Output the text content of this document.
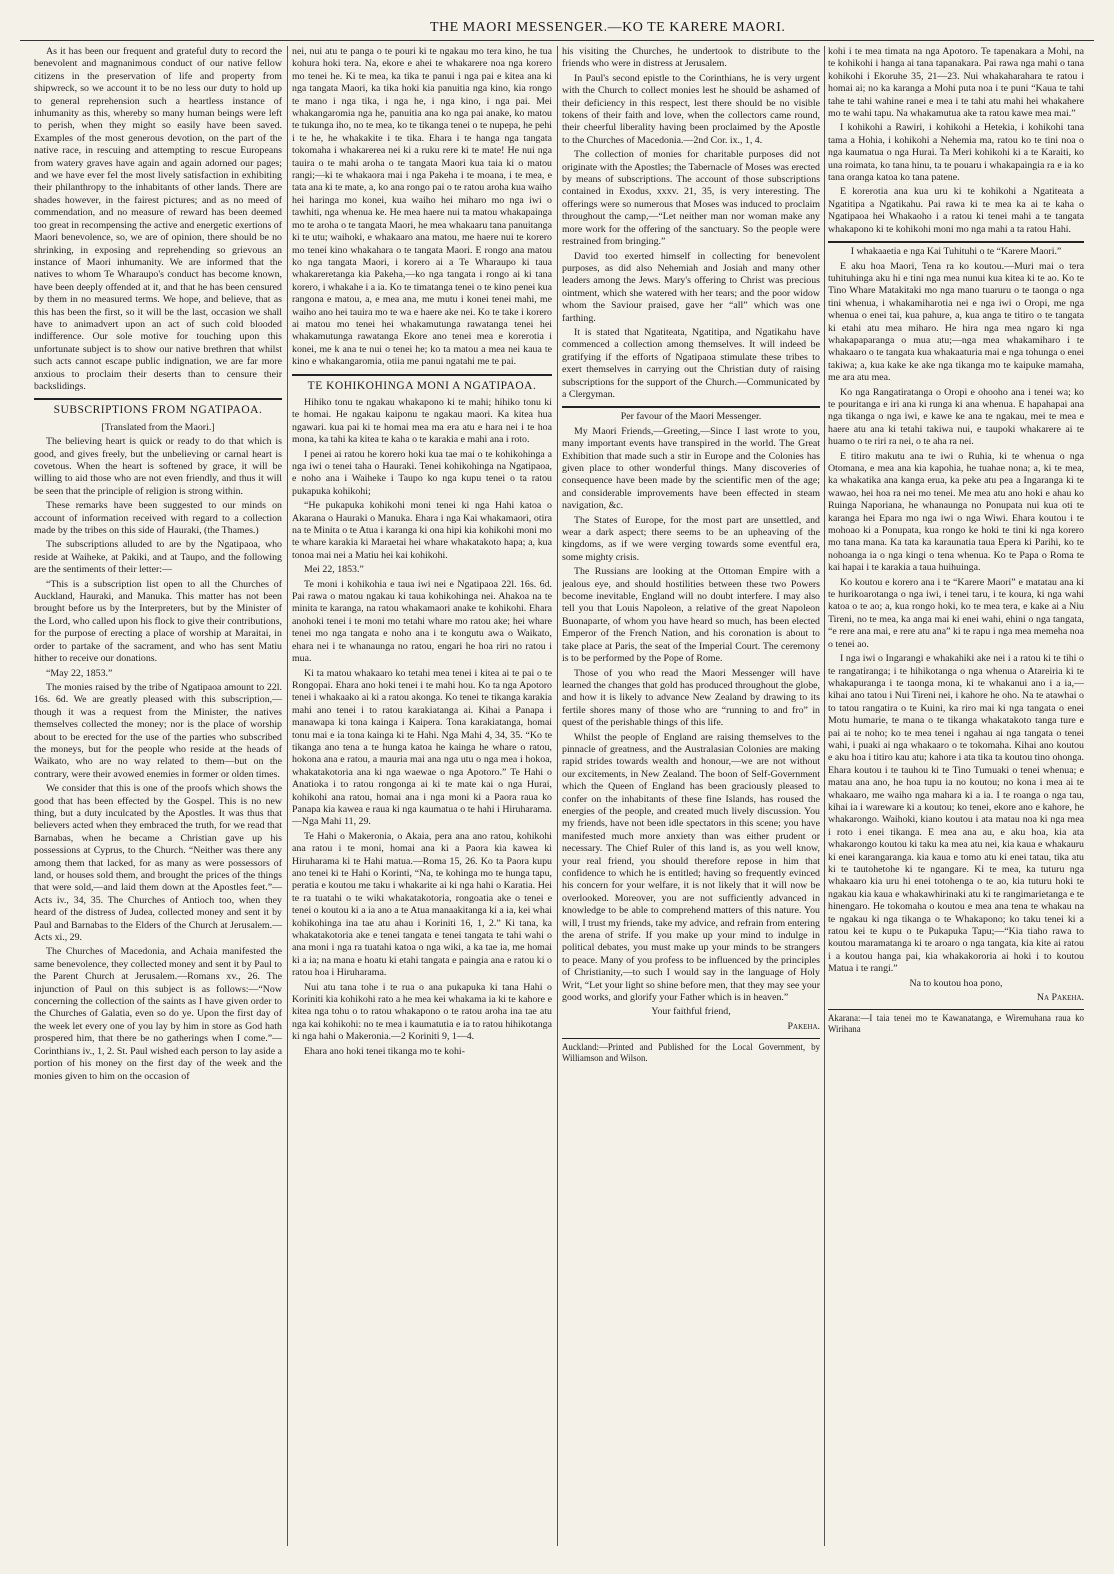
THE MAORI MESSENGER.—KO TE KARERE MAORI.

As it has been our frequent and grateful duty to record the benevolent and magnanimous conduct of our native fellow citizens in the preservation of life and property from shipwreck, so we account it to be no less our duty to hold up to general reprehension such a heartless instance of inhumanity as this, whereby so many human beings were left to perish, when they might so easily have been saved. Examples of the most generous devotion, on the part of the native race, in rescuing and attempting to rescue Europeans from watery graves have again and again adorned our pages; and we have ever fel the most lively satisfaction in exhibiting their philanthropy to the inhabitants of other lands. There are shades however, in the fairest pictures; and as no meed of commendation, and no measure of reward has been deemed too great in recompensing the active and energetic exertions of Maori benevolence, so, we are of opinion, there should be no shrinking, in exposing and reprehending so grievous an instance of Maori inhumanity. We are informed that the natives to whom Te Wharaupo's conduct has become known, have been deeply offended at it, and that he has been censured by them in no measured terms. We hope, and believe, that as this has been the first, so it will be the last, occasion we shall have to animadvert upon an act of such cold blooded indifference. Our sole motive for touching upon this unfortunate subject is to show our native brethren that whilst such acts cannot escape public indignation, we are far more anxious to proclaim their deserts than to censure their backslidings.

SUBSCRIPTIONS FROM NGATIPAOA.

[Translated from the Maori.]

The believing heart is quick or ready to do that which is good, and gives freely, but the unbelieving or carnal heart is covetous. When the heart is softened by grace, it will be willing to aid those who are not even friendly, and thus it will be seen that the principle of religion is strong within.

These remarks have been suggested to our minds on account of information received with regard to a collection made by the tribes on this side of Hauraki, (the Thames.)

The subscriptions alluded to are by the Ngatipaoa, who reside at Waiheke, at Pakiki, and at Taupo, and the following are the sentiments of their letter:—

“This is a subscription list open to all the Churches of Auckland, Hauraki, and Manuka. This matter has not been brought before us by the Interpreters, but by the Minister of the Lord, who called upon his flock to give their contributions, for the purpose of erecting a place of worship at Maraitai, in order to partake of the sacrament, and who has sent Matiu hither to receive our donations.

“May 22, 1853.”

The monies raised by the tribe of Ngatipaoa amount to 22l. 16s. 6d. We are greatly pleased with this subscription,—though it was a request from the Minister, the natives themselves collected the money; nor is the place of worship about to be erected for the use of the parties who subscribed the moneys, but for the people who reside at the heads of Waikato, who are no way related to them—but on the contrary, were their avowed enemies in former or olden times.

We consider that this is one of the proofs which shows the good that has been effected by the Gospel. This is no new thing, but a duty inculcated by the Apostles. It was thus that believers acted when they embraced the truth, for we read that Barnabas, when he became a Christian gave up his possessions at Cyprus, to the Church. “Neither was there any among them that lacked, for as many as were possessors of land, or houses sold them, and brought the prices of the things that were sold,—and laid them down at the Apostles feet.”—Acts iv., 34, 35. The Churches of Antioch too, when they heard of the distress of Judea, collected money and sent it by Paul and Barnabas to the Elders of the Church at Jerusalem.—Acts xi., 29.

The Churches of Macedonia, and Achaia manifested the same benevolence, they collected money and sent it by Paul to the Parent Church at Jerusalem.—Romans xv., 26. The injunction of Paul on this subject is as follows:—“Now concerning the collection of the saints as I have given order to the Churches of Galatia, even so do ye. Upon the first day of the week let every one of you lay by him in store as God hath prospered him, that there be no gatherings when I come.”—Corinthians iv., 1, 2. St. Paul wished each person to lay aside a portion of his money on the first day of the week and the monies given to him on the occasion of

nei, nui atu te panga o te pouri ki te ngakau mo tera kino, he tua kohura hoki tera. Na, ekore e ahei te whakarere noa nga korero mo tenei he. Ki te mea, ka tika te panui i nga pai e kitea ana ki nga tangata Maori, ka tika hoki kia panuitia nga kino, kia rongo te mano i nga tika, i nga he, i nga kino, i nga pai. Mei whakangaromia nga he, panuitia ana ko nga pai anake, ko matou te tukunga iho, no te mea, ko te tikanga tenei o te nupepa, he pehi i te he, he whakakite i te tika. Ehara i te hanga nga tangata tokomaha i whakarerea nei ki a ruku rere ki te mate! He nui nga tauira o te mahi aroha o te tangata Maori kua taia ki o matou rangi;—ki te whakaora mai i nga Pakeha i te moana, i te mea, e tata ana ki te mate, a, ko ana rongo pai o te ratou aroha kua waiho hei haringa mo konei, kua waiho hei miharo mo nga iwi o tawhiti, nga whenua ke. He mea haere nui ta matou whakapainga mo te aroha o te tangata Maori, he mea whakaaru tana panuitanga ki te utu; waihoki, e whakaaro ana matou, me haere nui te korero mo tenei kino whakahara o te tangata Maori. E rongo ana matou ko nga tangata Maori, i korero ai a Te Wharaupo ki taua whakareretanga kia Pakeha,—ko nga tangata i rongo ai ki tana korero, i whakahe i a ia. Ko te timatanga tenei o te kino penei kua rangona e matou, a, e mea ana, me mutu i konei tenei mahi, me waiho ano hei tauira mo te wa e haere ake nei. Ko te take i korero ai matou mo tenei hei whakamutunga rawatanga tenei hei whakamutunga rawatanga Ekore ano tenei mea e korerotia i konei, me k ana te nui o tenei he; ko ta matou a mea nei kaua te kino e whakangaromia, otiia me panui ngatahi me te pai.

TE KOHIKOHINGA MONI A NGATIPAOA.

Hihiko tonu te ngakau whakapono ki te mahi; hihiko tonu ki te homai. He ngakau kaiponu te ngakau maori. Ka kitea hua ngawari. kua pai ki te homai mea ma era atu e hara nei i te hoa mona, ka tahi ka kitea te kaha o te karakia e mahi ana i roto.

I penei ai ratou he korero hoki kua tae mai o te kohikohinga a nga iwi o tenei taha o Hauraki. Tenei kohikohinga na Ngatipaoa, e noho ana i Waiheke i Taupo ko nga kupu tenei o ta ratou pukapuka kohikohi;

“He pukapuka kohikohi moni tenei ki nga Hahi katoa o Akarana o Hauraki o Manuka. Ehara i nga Kai whakamaori, otira na te Minita o te Atua i karanga ki ona hipi kia kohikohi moni mo te whare karakia ki Maraetai hei whare whakatakoto hapa; a, kua tonoa mai nei a Matiu hei kai kohikohi.

Mei 22, 1853.”

Te moni i kohikohia e taua iwi nei e Ngatipaoa 22l. 16s. 6d. Pai rawa o matou ngakau ki taua kohikohinga nei. Ahakoa na te minita te karanga, na ratou whakamaori anake te kohikohi. Ehara anohoki tenei i te moni mo tetahi whare mo ratou ake; hei whare tenei mo nga tangata e noho ana i te kongutu awa o Waikato, ehara nei i te whanaunga no ratou, engari he hoa riri no ratou i mua.

Ki ta matou whakaaro ko tetahi mea tenei i kitea ai te pai o te Rongopai. Ehara ano hoki tenei i te mahi hou. Ko ta nga Apotoro tenei i whakaako ai ki a ratou akonga. Ko tenei te tikanga karakia mahi ano tenei i to ratou karakiatanga ai. Kihai a Panapa i manawapa ki tona kainga i Kaipera. Tona karakiatanga, homai tonu mai e ia tona kainga ki te Hahi. Nga Mahi 4, 34, 35. “Ko te tikanga ano tena a te hunga katoa he kainga he whare o ratou, hokona ana e ratou, a mauria mai ana nga utu o nga mea i hokoa, whakatakotoria ana ki nga waewae o nga Apotoro.” Te Hahi o Anatioka i to ratou rongonga ai ki te mate kai o nga Hurai, kohikohi ana ratou, homai ana i nga moni ki a Paora raua ko Panapa kia kawea e raua ki nga kaumatua o te hahi i Hiruharama.—Nga Mahi 11, 29.

Te Hahi o Makeronia, o Akaia, pera ana ano ratou, kohikohi ana ratou i te moni, homai ana ki a Paora kia kawea ki Hiruharama ki te Hahi matua.—Roma 15, 26. Ko ta Paora kupu ano tenei ki te Hahi o Korinti, “Na, te kohinga mo te hunga tapu, peratia e koutou me taku i whakarite ai ki nga hahi o Karatia. Hei te ra tuatahi o te wiki whakatakotoria, rongoatia ake o tenei e tenei o koutou ki a ia ano a te Atua manaakitanga ki a ia, kei whai kohikohinga ina tae atu ahau i Koriniti 16, 1, 2.” Ki tana, ka whakatakotoria ake e tenei tangata e tenei tangata te tahi wahi o ana moni i nga ra tuatahi katoa o nga wiki, a ka tae ia, me homai ki a ia; na mana e hoatu ki etahi tangata e paingia ana e ratou ki o ratou hoa i Hiruharama.

Nui atu tana tohe i te rua o ana pukapuka ki tana Hahi o Koriniti kia kohikohi rato a he mea kei whakama ia ki te kahore e kitea nga tohu o to ratou whakapono o te ratou aroha ina tae atu nga kai kohikohi: no te mea i kaumatutia e ia to ratou hihikotanga ki nga hahi o Makeronia.—2 Koriniti 9, 1—4.

Ehara ano hoki tenei tikanga mo te kohi-

his visiting the Churches, he undertook to distribute to the friends who were in distress at Jerusalem.

In Paul's second epistle to the Corinthians, he is very urgent with the Church to collect monies lest he should be ashamed of their deficiency in this respect, lest there should be no visible tokens of their faith and love, when the collectors came round, their cheerful liberality having been proclaimed by the Apostle to the Churches of Macedonia.—2nd Cor. ix., 1, 4.

The collection of monies for charitable purposes did not originate with the Apostles; the Tabernacle of Moses was erected by means of subscriptions. The account of those subscriptions contained in Exodus, xxxv. 21, 35, is very interesting. The offerings were so numerous that Moses was induced to proclaim throughout the camp,—“Let neither man nor woman make any more work for the offering of the sanctuary. So the people were restrained from bringing.”

David too exerted himself in collecting for benevolent purposes, as did also Nehemiah and Josiah and many other leaders among the Jews. Mary's offering to Christ was precious ointment, which she watered with her tears; and the poor widow whom the Saviour praised, gave her “all” which was one farthing.

It is stated that Ngatiteata, Ngatitipa, and Ngatikahu have commenced a collection among themselves. It will indeed be gratifying if the efforts of Ngatipaoa stimulate these tribes to exert themselves in carrying out the Christian duty of raising subscriptions for the support of the Church.—Communicated by a Clergyman.

Per favour of the Maori Messenger.

My Maori Friends,—Greeting,—Since I last wrote to you, many important events have transpired in the world. The Great Exhibition that made such a stir in Europe and the Colonies has given place to other wonderful things. Many discoveries of consequence have been made by the scientific men of the age; and considerable improvements have been effected in steam navigation, &c.

The States of Europe, for the most part are unsettled, and wear a dark aspect; there seems to be an upheaving of the kingdoms, as if we were verging towards some eventful era, some mighty crisis.

The Russians are looking at the Ottoman Empire with a jealous eye, and should hostilities between these two Powers become inevitable, England will no doubt interfere. I may also tell you that Louis Napoleon, a relative of the great Napoleon Buonaparte, of whom you have heard so much, has been elected Emperor of the French Nation, and his coronation is about to take place at Paris, the seat of the Imperial Court. The ceremony is to be performed by the Pope of Rome.

Those of you who read the Maori Messenger will have learned the changes that gold has produced throughout the globe, and how it is likely to advance New Zealand by drawing to its fertile shores many of those who are “running to and fro” in quest of the perishable things of this life.

Whilst the people of England are raising themselves to the pinnacle of greatness, and the Australasian Colonies are making rapid strides towards wealth and honour,—we are not without our excitements, in New Zealand. The boon of Self-Government which the Queen of England has been graciously pleased to confer on the inhabitants of these fine Islands, has roused the energies of the people, and created much lively discussion. You my friends, have not been idle spectators in this scene; you have manifested much more anxiety than was either prudent or necessary. The Chief Ruler of this land is, as you well know, your real friend, you should therefore repose in him that confidence to which he is entitled; having so frequently evinced his concern for your welfare, it is not likely that it will now be overlooked. Moreover, you are not sufficiently advanced in knowledge to be able to comprehend matters of this nature. You will, I trust my friends, take my advice, and refrain from entering the arena of strife. If you make up your mind to indulge in political debates, you must make up your minds to be strangers to peace. Many of you profess to be influenced by the principles of Christianity,—to such I would say in the language of Holy Writ, “Let your light so shine before men, that they may see your good works, and glorify your Father which is in heaven.”

Your faithful friend,

Pakeha.

Auckland:—Printed and Published for the Local Government, by Williamson and Wilson.

kohi i te mea timata na nga Apotoro. Te tapenakara a Mohi, na te kohikohi i hanga ai tana tapanakara. Pai rawa nga mahi o tana kohikohi i Ekoruhe 35, 21—23. Nui whakaharahara te ratou i homai ai; no ka karanga a Mohi puta noa i te puni “Kaua te tahi tahe te tahi wahine ranei e mea i te tahi atu mahi hei whakahere mo te wahi tapu. Na whakamutua ake ta ratou kawe mea mai.”

I kohikohi a Rawiri, i kohikohi a Hetekia, i kohikohi tana tama a Hohia, i kohikohi a Nehemia ma, ratou ko te tini noa o nga kaumatua o nga Hurai. Ta Meri kohikohi ki a te Karaiti, ko una roimata, ko tana hinu, ta te pouaru i whakapaingia ra e ia ko tana oranga katoa ko tana patene.

E korerotia ana kua uru ki te kohikohi a Ngatiteata a Ngatitipa a Ngatikahu. Pai rawa ki te mea ka ai te kaha o Ngatipaoa hei Whakaoho i a ratou ki tenei mahi a te tangata whakapono ki te kohikohi moni mo nga mahi a ta ratou Hahi.

I whakaaetia e nga Kai Tuhituhi o te “Karere Maori.”

E aku hoa Maori, Tena ra ko koutou.—Muri mai o tera tuhituhinga aku hi e tini nga mea nunui kua kitea ki te ao. Ko te Tino Whare Matakitaki mo nga mano tuaruru o te taonga o nga tini whenua, i whakamiharotia nei e nga iwi o Oropi, me nga whenua o enei tai, kua pahure, a, kua anga te titiro o te tangata ki etahi atu mea miharo. He hira nga mea ngaro ki nga whakapaparanga o mua atu;—nga mea whakamiharo i te whakaaro o te tangata kua whakaaturia mai e nga tohunga o enei takiwa; a, kua kake ke ake nga tikanga mo te kaipuke mamaha, me ara atu mea.

Ko nga Rangatiratanga o Oropi e ohooho ana i tenei wa; ko te pouritanga e iri ana ki runga ki ana whenua. E hapahapai ana nga tikanga o nga iwi, e kawe ke ana te ngakau, mei te mea e haere atu ana ki tetahi takiwa nui, e taupoki whakarere ai te huamo o te riri ra nei, o te aha ra nei.

E titiro makutu ana te iwi o Ruhia, ki te whenua o nga Otomana, e mea ana kia kapohia, he tuahae nona; a, ki te mea, ka whakatika ana kanga erua, ka peke atu pea a Ingaranga ki te wawao, hei hoa ra nei mo tenei. Me mea atu ano hoki e ahau ko Ruinga Naporiana, he whanaunga no Ponupata nui kua oti te karanga hei Epara mo nga iwi o nga Wiwi. Ehara koutou i te mohoao ki a Ponupata, kua rongo ke hoki te tini ki nga korero mo tana mana. Ka tata ka karaunatia taua Epera ki Parihi, ko te nohoanga ia o nga kingi o tena whenua. Ko te Papa o Roma te kai hapai i te karakia a taua huihuinga.

Ko koutou e korero ana i te “Karere Maori” e matatau ana ki te hurikoarotanga o nga iwi, i tenei taru, i te koura, ki nga wahi katoa o te ao; a, kua rongo hoki, ko te mea tera, e kake ai a Niu Tireni, no te mea, ka anga mai ki enei wahi, ehini o nga tangata, “e rere ana mai, e rere atu ana” ki te rapu i nga mea memeha noa o tenei ao.

I nga iwi o Ingarangi e whakahiki ake nei i a ratou ki te tihi o te rangatiranga; i te hihikotanga o nga whenua o Atareiria ki te whakapuranga i te taonga mona, ki te whakanui ano i a ia,—kihai ano tatou i Nui Tireni nei, i kahore he oho. Na te atawhai o to tatou rangatira o te Kuini, ka riro mai ki nga tangata o enei Motu humarie, te mana o te tikanga whakatakoto tanga ture e pai ai te noho; ko te mea tenei i ngahau ai nga tangata o tenei wahi, i puaki ai nga whakaaro o te tokomaha. Kihai ano koutou e aku hoa i titiro kau atu; kahore i ata tika ta koutou tino ohonga. Ehara koutou i te tauhou ki te Tino Tumuaki o tenei whenua; e matau ana ano, he hoa tupu ia no koutou; no kona i mea ai te whakaaro, me waiho nga mahara ki a ia. I te roanga o nga tau, kihai ia i wareware ki a koutou; ko tenei, ekore ano e kahore, he whakarongo. Waihoki, kiano koutou i ata matau noa ki nga mea i roto i enei tikanga. E mea ana au, e aku hoa, kia ata whakarongo koutou ki taku ka mea atu nei, kia kaua e whakauru ki enei karangaranga. kia kaua e tomo atu ki enei tatau, tika atu ki te tautohetohe ki te ngangare. Ki te mea, ka tuturu nga whakaaro kia uru hi enei totohenga o te ao, kia tuturu hoki te ngakau kia kaua e whakawhirinaki atu ki te rangimarietanga e te hinengaro. He tokomaha o koutou e mea ana tena te whakau na te ngakau ki nga tikanga o te Whakapono; ko taku tenei ki a ratou kei te kupu o te Pukapuka Tapu;—“Kia tiaho rawa to koutou maramatanga ki te aroaro o nga tangata, kia kite ai ratou i a koutou hanga pai, kia whakakororia ai hoki i to koutou Matua i te rangi.”

Na to koutou hoa pono,

Na Pakeha.

Akarana:—I taia tenei mo te Kawanatanga, e Wiremuhana raua ko Wirihana
